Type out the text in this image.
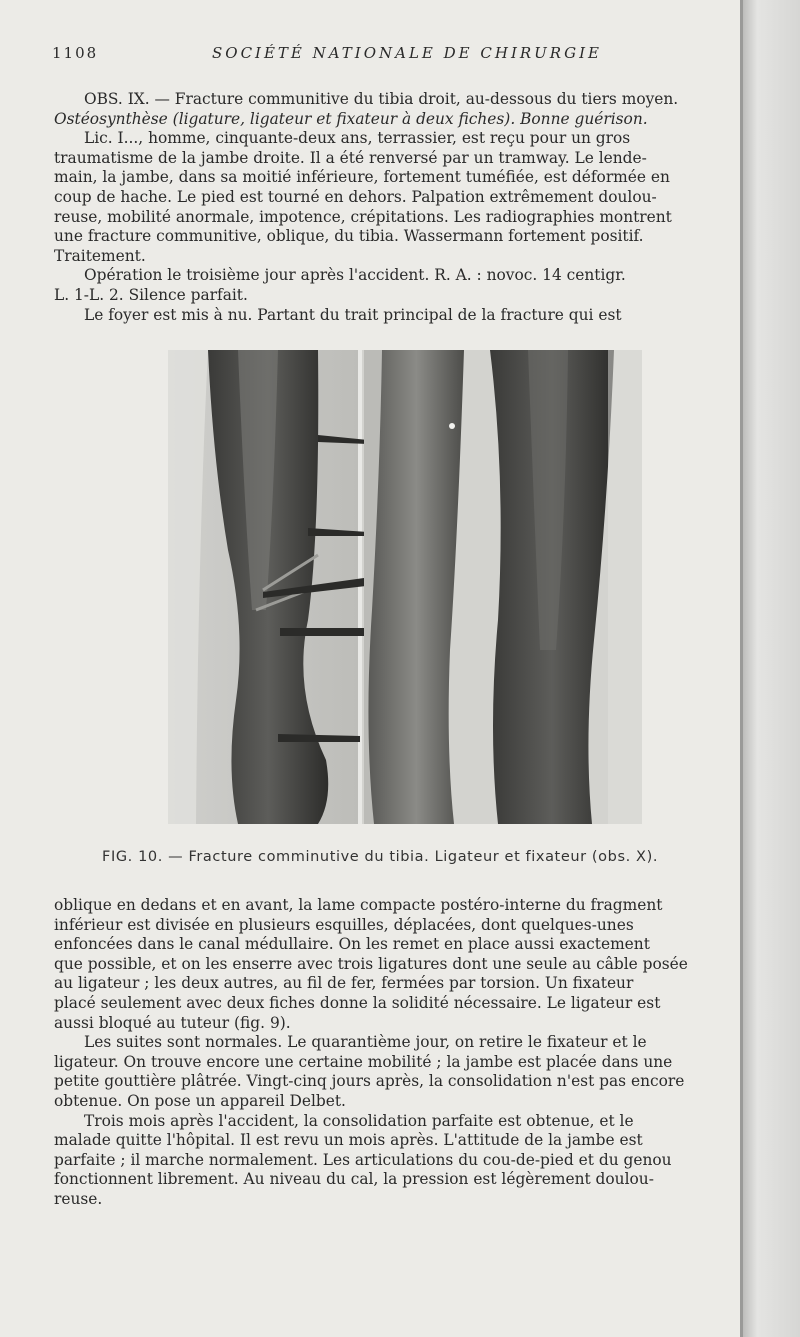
1108	SOCIÉTÉ NATIONALE DE CHIRURGIE

OBS. IX. — Fracture communitive du tibia droit, au-dessous du tiers moyen.

Ostéosynthèse (ligature, ligateur et fixateur à deux fiches). Bonne guérison.

Lic. I..., homme, cinquante-deux ans, terrassier, est reçu pour un gros

traumatisme de la jambe droite. Il a été renversé par un tramway. Le lende-

main, la jambe, dans sa moitié inférieure, fortement tuméfiée, est déformée en

coup de hache. Le pied est tourné en dehors. Palpation extrêmement doulou-

reuse, mobilité anormale, impotence, crépitations. Les radiographies montrent

une fracture communitive, oblique, du tibia. Wassermann fortement positif.

Traitement.

Opération le troisième jour après l'accident. R. A. : novoc. 14 centigr.

L. 1-L. 2. Silence parfait.

Le foyer est mis à nu. Partant du trait principal de la fracture qui est

FIG. 10. — Fracture comminutive du tibia. Ligateur et fixateur (obs. X).

oblique en dedans et en avant, la lame compacte postéro-interne du fragment

inférieur est divisée en plusieurs esquilles, déplacées, dont quelques-unes

enfoncées dans le canal médullaire. On les remet en place aussi exactement

que possible, et on les enserre avec trois ligatures dont une seule au câble posée

au ligateur ; les deux autres, au fil de fer, fermées par torsion. Un fixateur

placé seulement avec deux fiches donne la solidité nécessaire. Le ligateur est

aussi bloqué au tuteur (fig. 9).

Les suites sont normales. Le quarantième jour, on retire le fixateur et le

ligateur. On trouve encore une certaine mobilité ; la jambe est placée dans une

petite gouttière plâtrée. Vingt-cinq jours après, la consolidation n'est pas encore

obtenue. On pose un appareil Delbet.

Trois mois après l'accident, la consolidation parfaite est obtenue, et le

malade quitte l'hôpital. Il est revu un mois après. L'attitude de la jambe est

parfaite ; il marche normalement. Les articulations du cou-de-pied et du genou

fonctionnent librement. Au niveau du cal, la pression est légèrement doulou-

reuse.
